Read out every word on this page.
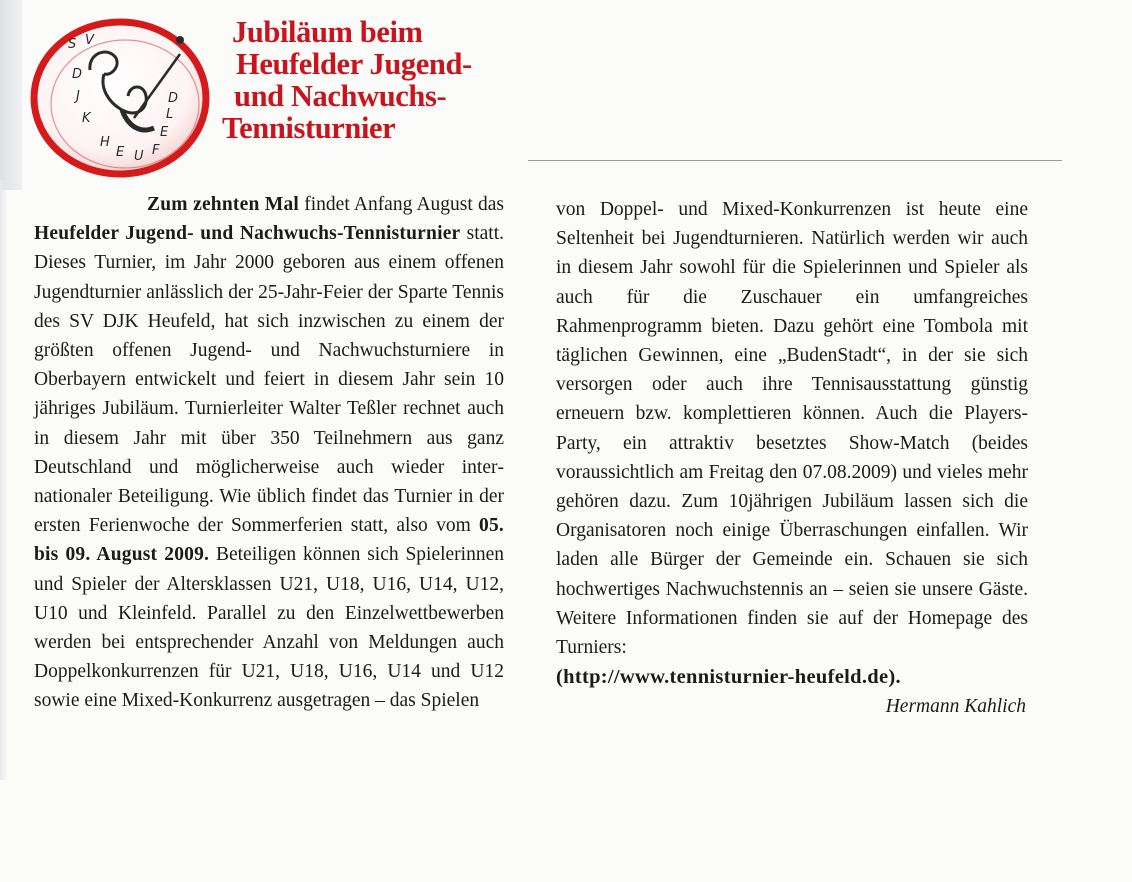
S V
D
J
K
H
E U F
E
L
D
Jubiläum beim
Heufelder Jugend-
und Nachwuchs-
Tennisturnier

Zum zehnten Mal findet Anfang August das Heufelder Jugend- und Nachwuchs-Tennisturnier statt. Dieses Turnier, im Jahr 2000 geboren aus einem offenen Jugendturnier anlässlich der 25-Jahr-Feier der Sparte Tennis des SV DJK Heufeld, hat sich inzwischen zu einem der größten offenen Jugend- und Nachwuchsturniere in Oberbayern entwickelt und feiert in diesem Jahr sein 10 jähriges Jubiläum. Turnierleiter Walter Teßler rechnet auch in diesem Jahr mit über 350 Teilnehmern aus ganz Deutschland und möglicherweise auch wieder internationaler Beteiligung. Wie üblich findet das Turnier in der ersten Ferienwoche der Sommerferien statt, also vom 05. bis 09. August 2009. Beteiligen können sich Spielerinnen und Spieler der Altersklassen U21, U18, U16, U14, U12, U10 und Kleinfeld. Parallel zu den Einzelwettbewerben werden bei entsprechender Anzahl von Meldungen auch Doppelkonkurrenzen für U21, U18, U16, U14 und U12 sowie eine Mixed-Konkurrenz ausgetragen – das Spielen

von Doppel- und Mixed-Konkurrenzen ist heute eine Seltenheit bei Jugendturnieren. Natürlich werden wir auch in diesem Jahr sowohl für die Spielerinnen und Spieler als auch für die Zuschauer ein umfangreiches Rahmenprogramm bieten. Dazu gehört eine Tombola mit täglichen Gewinnen, eine „BudenStadt“, in der sie sich versorgen oder auch ihre Tennisausstattung günstig erneuern bzw. komplettieren können. Auch die Players-Party, ein attraktiv besetztes Show-Match (beides voraussichtlich am Freitag den 07.08.2009) und vieles mehr gehören dazu. Zum 10jährigen Jubiläum lassen sich die Organisatoren noch einige Überraschungen einfallen. Wir laden alle Bürger der Gemeinde ein. Schauen sie sich hochwertiges Nachwuchstennis an – seien sie unsere Gäste. Weitere Informationen finden sie auf der Homepage des Turniers:

(http://www.tennisturnier-heufeld.de).
Hermann Kahlich
